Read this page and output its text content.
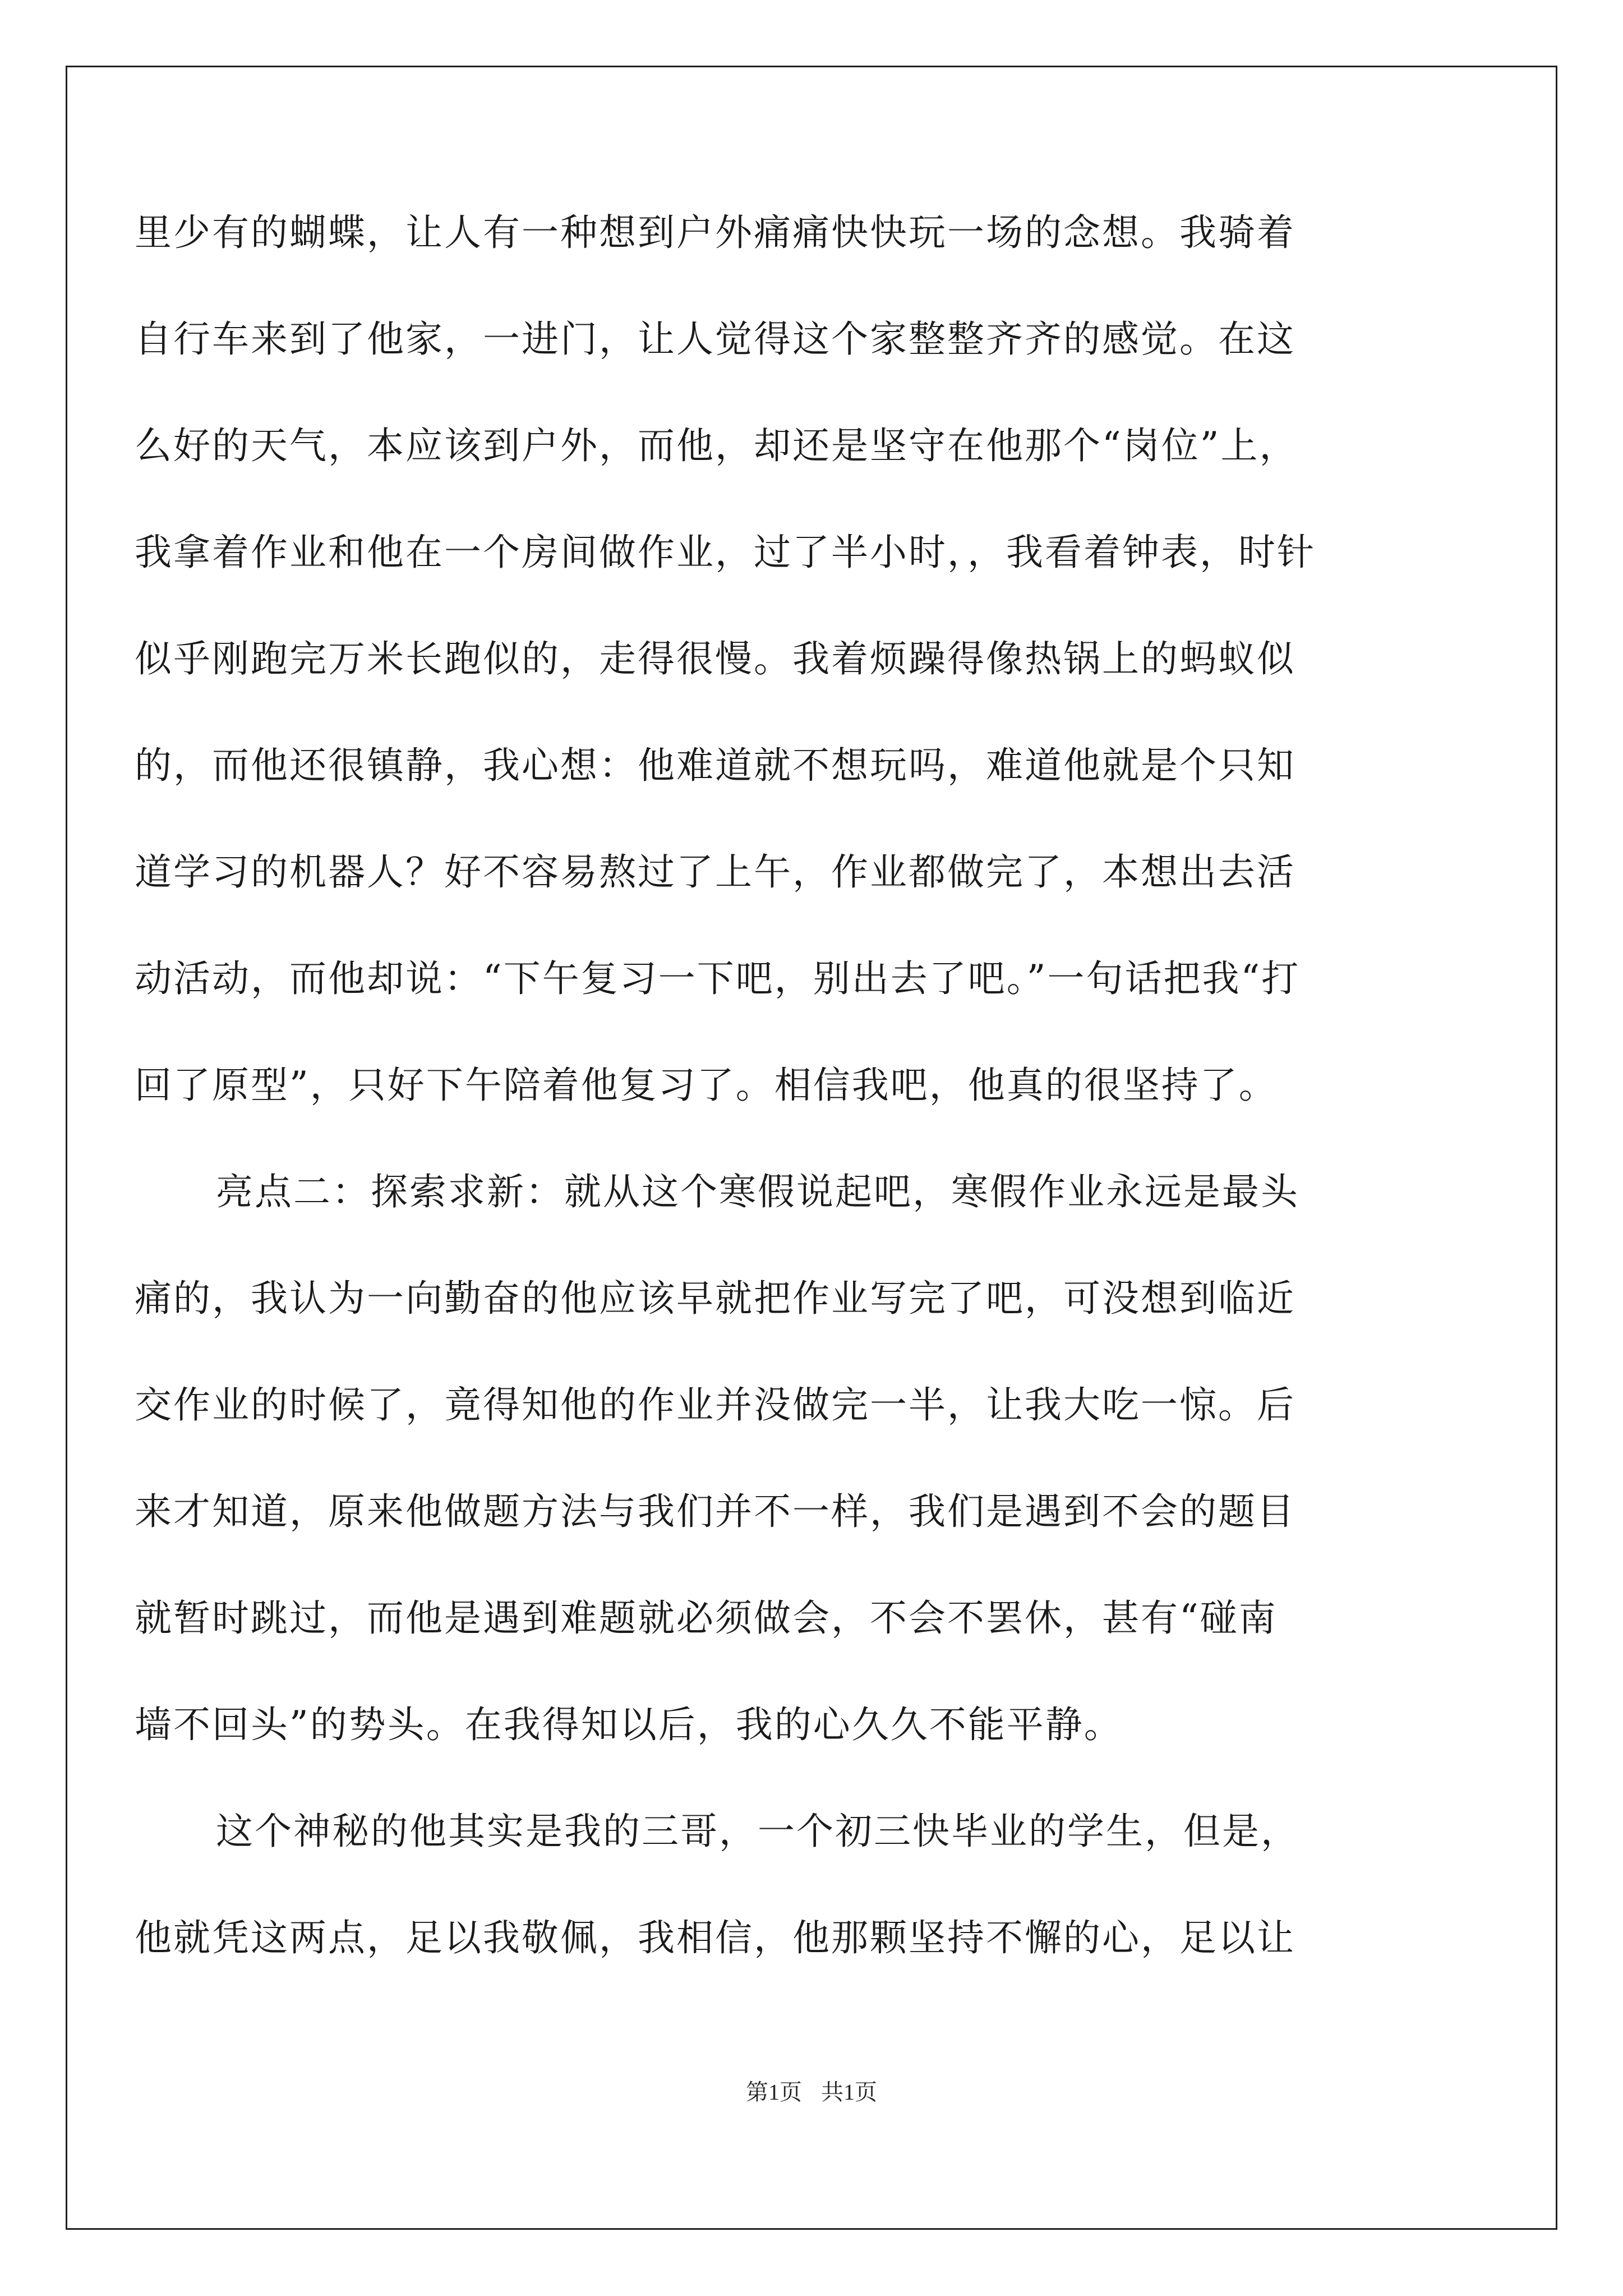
里少有的蝴蝶，让人有一种想到户外痛痛快快玩一场的念想。我骑着
自行车来到了他家，一进门，让人觉得这个家整整齐齐的感觉。在这
么好的天气，本应该到户外，而他，却还是坚守在他那个“岗位”上，
我拿着作业和他在一个房间做作业，过了半小时，，我看着钟表，时针
似乎刚跑完万米长跑似的，走得很慢。我着烦躁得像热锅上的蚂蚁似
的，而他还很镇静，我心想：他难道就不想玩吗，难道他就是个只知
道学习的机器人？好不容易熬过了上午，作业都做完了，本想出去活
动活动，而他却说：“下午复习一下吧，别出去了吧。”一句话把我“打
回了原型”，只好下午陪着他复习了。相信我吧，他真的很坚持了。
亮点二：探索求新：就从这个寒假说起吧，寒假作业永远是最头
痛的，我认为一向勤奋的他应该早就把作业写完了吧，可没想到临近
交作业的时候了，竟得知他的作业并没做完一半，让我大吃一惊。后
来才知道，原来他做题方法与我们并不一样，我们是遇到不会的题目
就暂时跳过，而他是遇到难题就必须做会，不会不罢休，甚有“碰南
墙不回头”的势头。在我得知以后，我的心久久不能平静。
这个神秘的他其实是我的三哥，一个初三快毕业的学生，但是，
他就凭这两点，足以我敬佩，我相信，他那颗坚持不懈的心，足以让
第1页 共1页
